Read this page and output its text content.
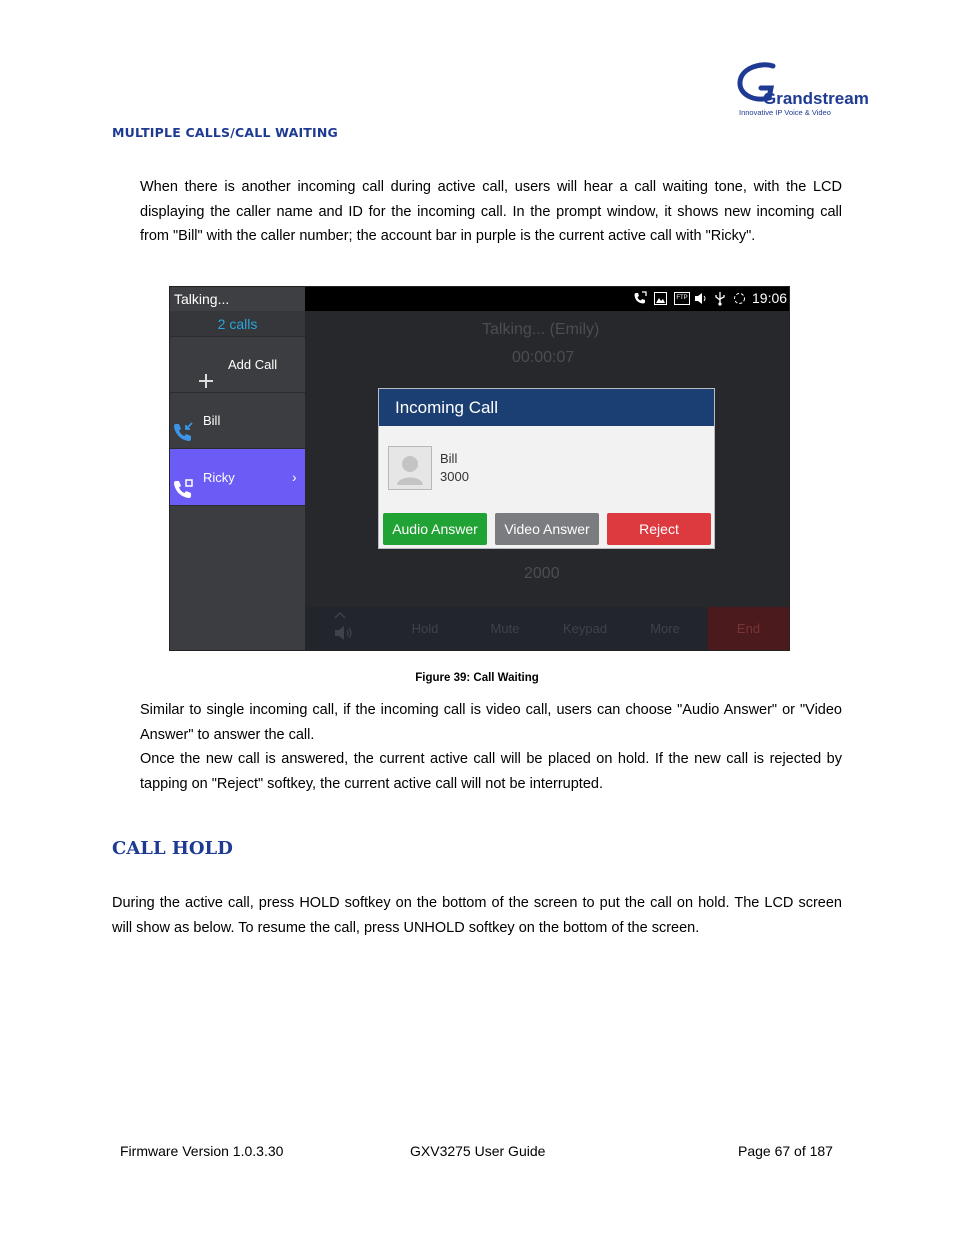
Grandstream
Innovative IP Voice & Video
MULTIPLE CALLS/CALL WAITING
When there is another incoming call during active call, users will hear a call waiting tone, with the LCD displaying the caller name and ID for the incoming call. In the prompt window, it shows new incoming call from "Bill" with the caller number; the account bar in purple is the current active call with "Ricky".
Talking...	FTP	19:06
2 calls
Add Call
Bill
Ricky	›
Talking... (Emily)
00:00:07
2000
Hold	Mute	Keypad	More	End
Incoming Call
Bill
3000
Audio Answer	Video Answer	Reject
Figure 39: Call Waiting
Similar to single incoming call, if the incoming call is video call, users can choose "Audio Answer" or "Video Answer" to answer the call.
Once the new call is answered, the current active call will be placed on hold. If the new call is rejected by tapping on "Reject" softkey, the current active call will not be interrupted.
CALL HOLD
During the active call, press HOLD softkey on the bottom of the screen to put the call on hold. The LCD screen will show as below. To resume the call, press UNHOLD softkey on the bottom of the screen.
Firmware Version 1.0.3.30	GXV3275 User Guide	Page 67 of 187
